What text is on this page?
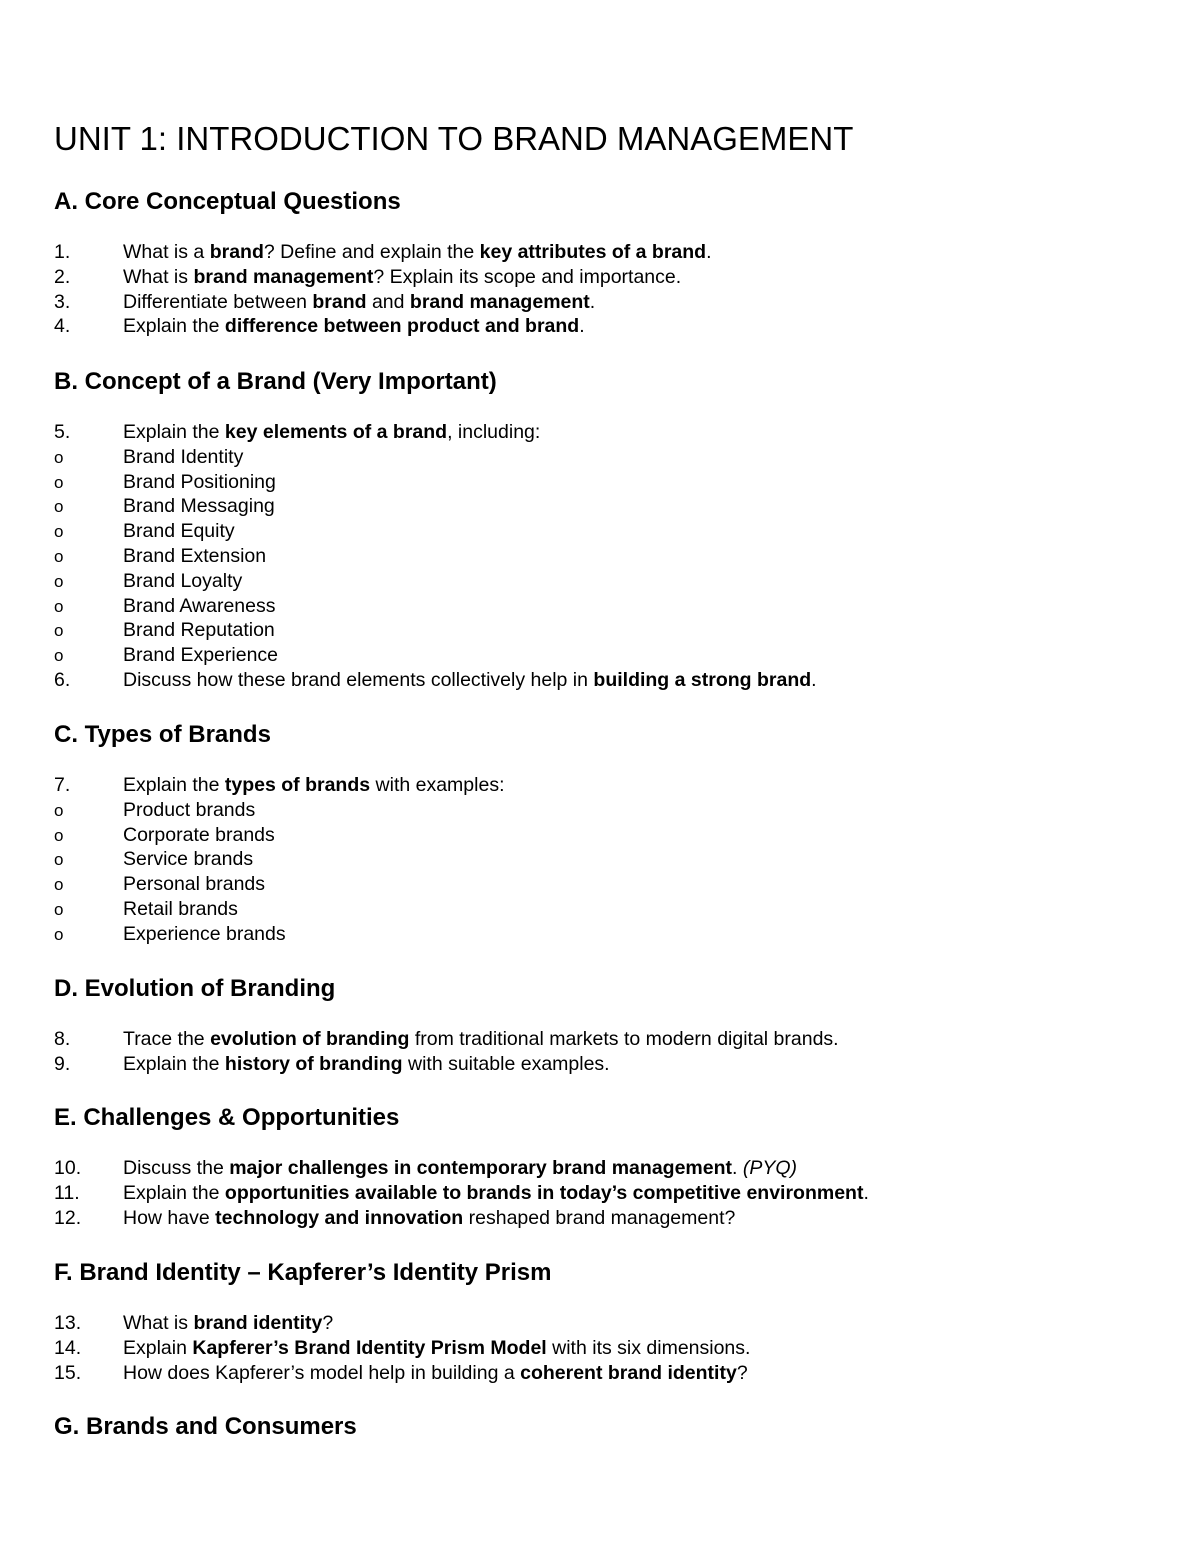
UNIT 1: INTRODUCTION TO BRAND MANAGEMENT
A. Core Conceptual Questions
1.	What is a brand? Define and explain the key attributes of a brand.
2.	What is brand management? Explain its scope and importance.
3.	Differentiate between brand and brand management.
4.	Explain the difference between product and brand.
B. Concept of a Brand (Very Important)
5.	Explain the key elements of a brand, including:
o	Brand Identity
o	Brand Positioning
o	Brand Messaging
o	Brand Equity
o	Brand Extension
o	Brand Loyalty
o	Brand Awareness
o	Brand Reputation
o	Brand Experience
6.	Discuss how these brand elements collectively help in building a strong brand.
C. Types of Brands
7.	Explain the types of brands with examples:
o	Product brands
o	Corporate brands
o	Service brands
o	Personal brands
o	Retail brands
o	Experience brands
D. Evolution of Branding
8.	Trace the evolution of branding from traditional markets to modern digital brands.
9.	Explain the history of branding with suitable examples.
E. Challenges & Opportunities
10. Discuss the major challenges in contemporary brand management. (PYQ)
11. Explain the opportunities available to brands in today’s competitive environment.
12. How have technology and innovation reshaped brand management?
F. Brand Identity – Kapferer’s Identity Prism
13. What is brand identity?
14. Explain Kapferer’s Brand Identity Prism Model with its six dimensions.
15. How does Kapferer’s model help in building a coherent brand identity?
G. Brands and Consumers
